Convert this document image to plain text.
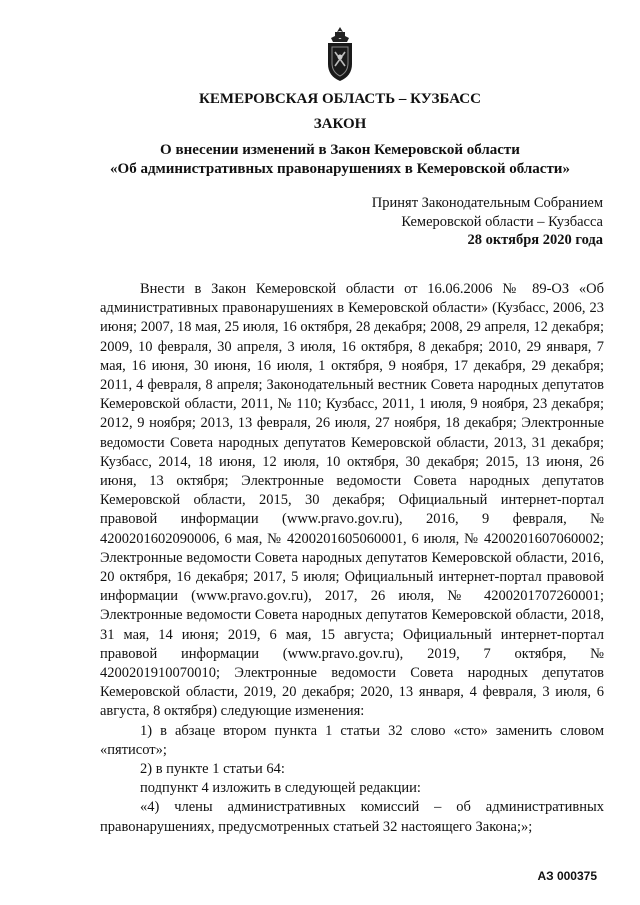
КЕМЕРОВСКАЯ ОБЛАСТЬ – КУЗБАСС
ЗАКОН
О внесении изменений в Закон Кемеровской области
«Об административных правонарушениях в Кемеровской области»
Принят Законодательным Собранием
Кемеровской области – Кузбасса
28 октября 2020 года

Внести в Закон Кемеровской области от 16.06.2006 № 89-ОЗ «Об административных правонарушениях в Кемеровской области» (Кузбасс, 2006, 23 июня; 2007, 18 мая, 25 июля, 16 октября, 28 декабря; 2008, 29 апреля, 12 декабря; 2009, 10 февраля, 30 апреля, 3 июля, 16 октября, 8 декабря; 2010, 29 января, 7 мая, 16 июня, 30 июня, 16 июля, 1 октября, 9 ноября, 17 декабря, 29 декабря; 2011, 4 февраля, 8 апреля; Законодательный вестник Совета народных депутатов Кемеровской области, 2011, № 110; Кузбасс, 2011, 1 июля, 9 ноября, 23 декабря; 2012, 9 ноября; 2013, 13 февраля, 26 июля, 27 ноября, 18 декабря; Электронные ведомости Совета народных депутатов Кемеровской области, 2013, 31 декабря; Кузбасс, 2014, 18 июня, 12 июля, 10 октября, 30 декабря; 2015, 13 июня, 26 июня, 13 октября; Электронные ведомости Совета народных депутатов Кемеровской области, 2015, 30 декабря; Официальный интернет-портал правовой информации (www.pravo.gov.ru), 2016, 9 февраля, № 4200201602090006, 6 мая, № 4200201605060001, 6 июля, № 4200201607060002; Электронные ведомости Совета народных депутатов Кемеровской области, 2016, 20 октября, 16 декабря; 2017, 5 июля; Официальный интернет-портал правовой информации (www.pravo.gov.ru), 2017, 26 июля, № 4200201707260001; Электронные ведомости Совета народных депутатов Кемеровской области, 2018, 31 мая, 14 июня; 2019, 6 мая, 15 августа; Официальный интернет-портал правовой информации (www.pravo.gov.ru), 2019, 7 октября, № 4200201910070010; Электронные ведомости Совета народных депутатов Кемеровской области, 2019, 20 декабря; 2020, 13 января, 4 февраля, 3 июля, 6 августа, 8 октября) следующие изменения:

1) в абзаце втором пункта 1 статьи 32 слово «сто» заменить словом «пятисот»;

2) в пункте 1 статьи 64:

подпункт 4 изложить в следующей редакции:

«4) члены административных комиссий – об административных правонарушениях, предусмотренных статьей 32 настоящего Закона;»;

АЗ 000375
